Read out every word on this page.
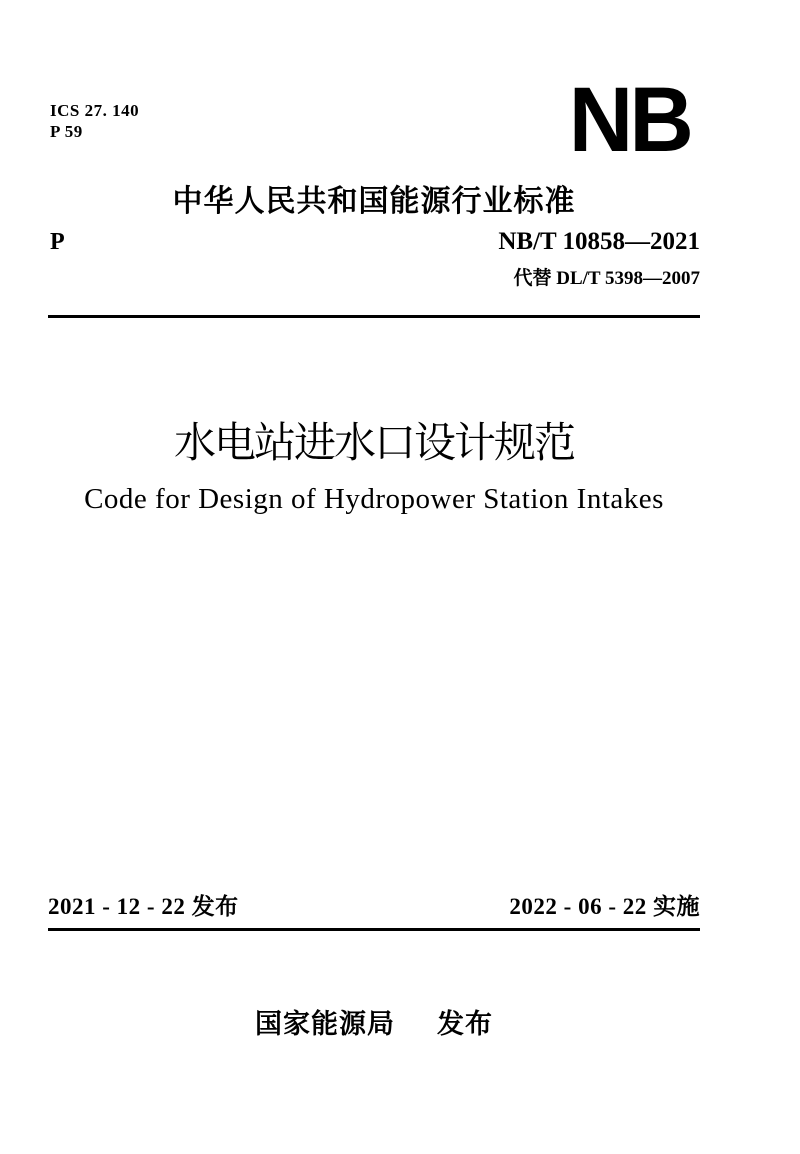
ICS 27. 140
P 59	NB
中华人民共和国能源行业标准
P	NB/T 10858—2021
代替 DL/T 5398—2007
水电站进水口设计规范
Code for Design of Hydropower Station Intakes
2021 - 12 - 22 发布	2022 - 06 - 22 实施
国家能源局 发布
